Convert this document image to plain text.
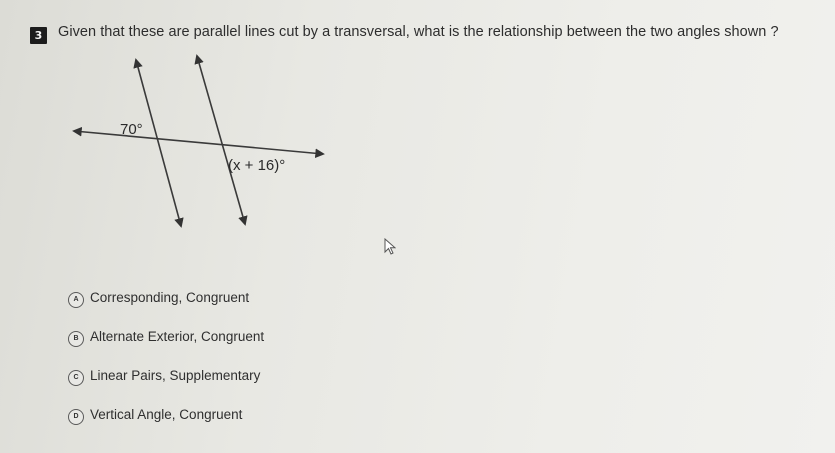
3	Given that these are parallel lines cut by a transversal, what is the relationship between the two angles shown ?
70°
(x + 16)°
A Corresponding, Congruent
B Alternate Exterior, Congruent
C Linear Pairs, Supplementary
D Vertical Angle, Congruent
